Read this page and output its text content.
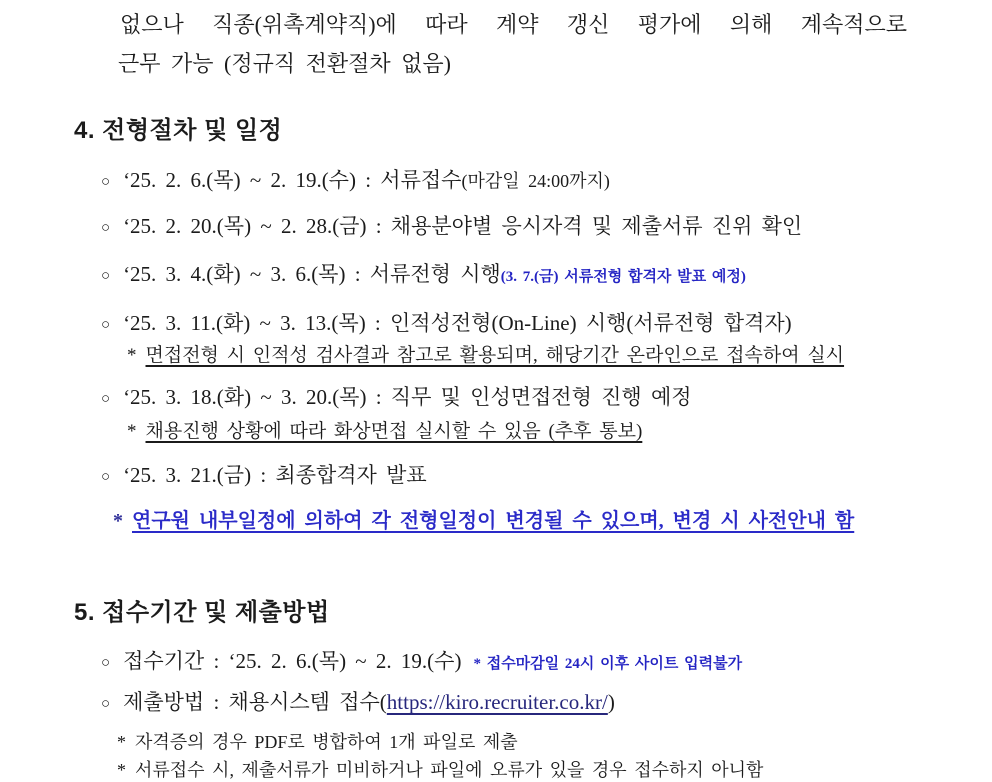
없으나 직종(위촉계약직)에 따라 계약 갱신 평가에 의해 계속적으로
근무 가능 (정규직 전환절차 없음)
4. 전형절차 및 일정
○ ‘25. 2. 6.(목) ~ 2. 19.(수) : 서류접수(마감일 24:00까지)
○ ‘25. 2. 20.(목) ~ 2. 28.(금) : 채용분야별 응시자격 및 제출서류 진위 확인
○ ‘25. 3. 4.(화) ~ 3. 6.(목) : 서류전형 시행(3. 7.(금) 서류전형 합격자 발표 예정)
○ ‘25. 3. 11.(화) ~ 3. 13.(목) : 인적성전형(On-Line) 시행(서류전형 합격자)
* 면접전형 시 인적성 검사결과 참고로 활용되며, 해당기간 온라인으로 접속하여 실시
○ ‘25. 3. 18.(화) ~ 3. 20.(목) : 직무 및 인성면접전형 진행 예정
* 채용진행 상황에 따라 화상면접 실시할 수 있음 (추후 통보)
○ ‘25. 3. 21.(금) : 최종합격자 발표
* 연구원 내부일정에 의하여 각 전형일정이 변경될 수 있으며, 변경 시 사전안내 함
5. 접수기간 및 제출방법
○ 접수기간 : ‘25. 2. 6.(목) ~ 2. 19.(수) * 접수마감일 24시 이후 사이트 입력불가
○ 제출방법 : 채용시스템 접수(https://kiro.recruiter.co.kr/)
* 자격증의 경우 PDF로 병합하여 1개 파일로 제출
* 서류접수 시, 제출서류가 미비하거나 파일에 오류가 있을 경우 접수하지 아니함
